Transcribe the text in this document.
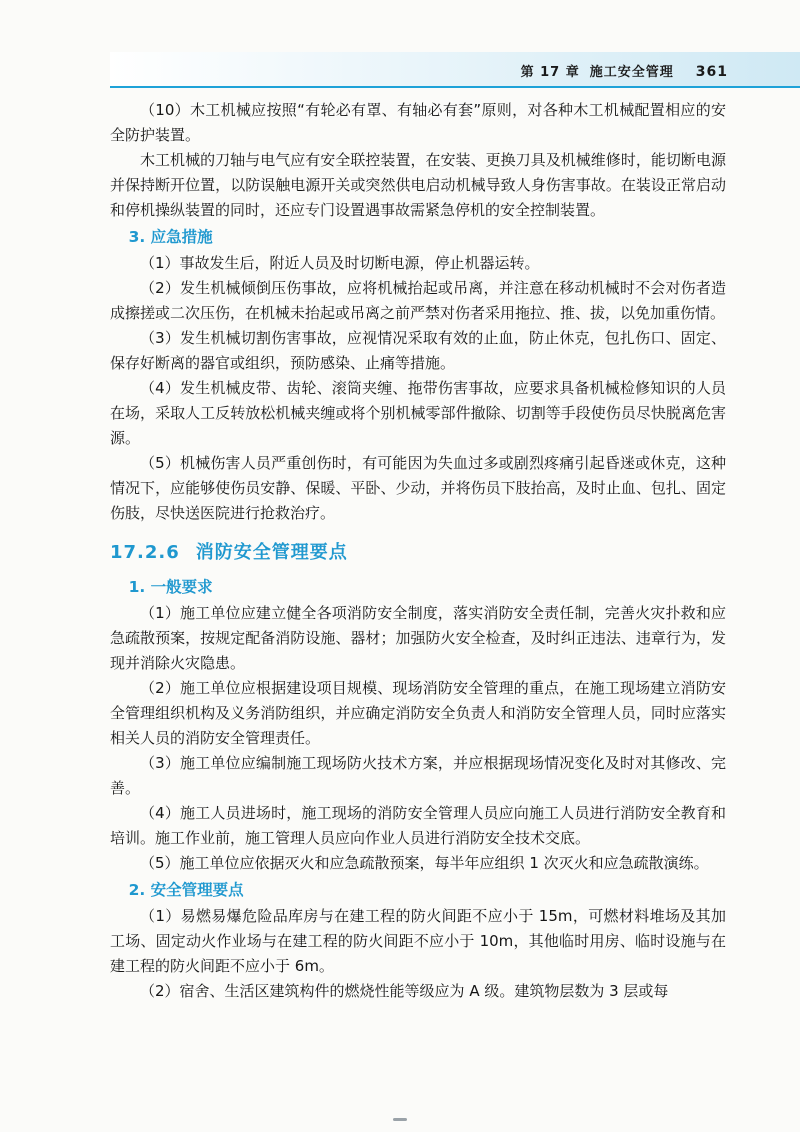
第 17 章 施工安全管理 361

（10）木工机械应按照“有轮必有罩、有轴必有套”原则，对各种木工机械配置相应的安全防护装置。

木工机械的刀轴与电气应有安全联控装置，在安装、更换刀具及机械维修时，能切断电源并保持断开位置，以防误触电源开关或突然供电启动机械导致人身伤害事故。在装设正常启动和停机操纵装置的同时，还应专门设置遇事故需紧急停机的安全控制装置。

3. 应急措施

（1）事故发生后，附近人员及时切断电源，停止机器运转。

（2）发生机械倾倒压伤事故，应将机械抬起或吊离，并注意在移动机械时不会对伤者造成擦搓或二次压伤，在机械未抬起或吊离之前严禁对伤者采用拖拉、推、拔，以免加重伤情。

（3）发生机械切割伤害事故，应视情况采取有效的止血，防止休克，包扎伤口、固定、保存好断离的器官或组织，预防感染、止痛等措施。

（4）发生机械皮带、齿轮、滚筒夹缠、拖带伤害事故，应要求具备机械检修知识的人员在场，采取人工反转放松机械夹缠或将个别机械零部件撤除、切割等手段使伤员尽快脱离危害源。

（5）机械伤害人员严重创伤时，有可能因为失血过多或剧烈疼痛引起昏迷或休克，这种情况下，应能够使伤员安静、保暖、平卧、少动，并将伤员下肢抬高，及时止血、包扎、固定伤肢，尽快送医院进行抢救治疗。

17.2.6 消防安全管理要点
1. 一般要求

（1）施工单位应建立健全各项消防安全制度，落实消防安全责任制，完善火灾扑救和应急疏散预案，按规定配备消防设施、器材；加强防火安全检查，及时纠正违法、违章行为，发现并消除火灾隐患。

（2）施工单位应根据建设项目规模、现场消防安全管理的重点，在施工现场建立消防安全管理组织机构及义务消防组织，并应确定消防安全负责人和消防安全管理人员，同时应落实相关人员的消防安全管理责任。

（3）施工单位应编制施工现场防火技术方案，并应根据现场情况变化及时对其修改、完善。

（4）施工人员进场时，施工现场的消防安全管理人员应向施工人员进行消防安全教育和培训。施工作业前，施工管理人员应向作业人员进行消防安全技术交底。

（5）施工单位应依据灭火和应急疏散预案，每半年应组织 1 次灭火和应急疏散演练。

2. 安全管理要点

（1）易燃易爆危险品库房与在建工程的防火间距不应小于 15m，可燃材料堆场及其加工场、固定动火作业场与在建工程的防火间距不应小于 10m，其他临时用房、临时设施与在建工程的防火间距不应小于 6m。

（2）宿舍、生活区建筑构件的燃烧性能等级应为 A 级。建筑物层数为 3 层或每
